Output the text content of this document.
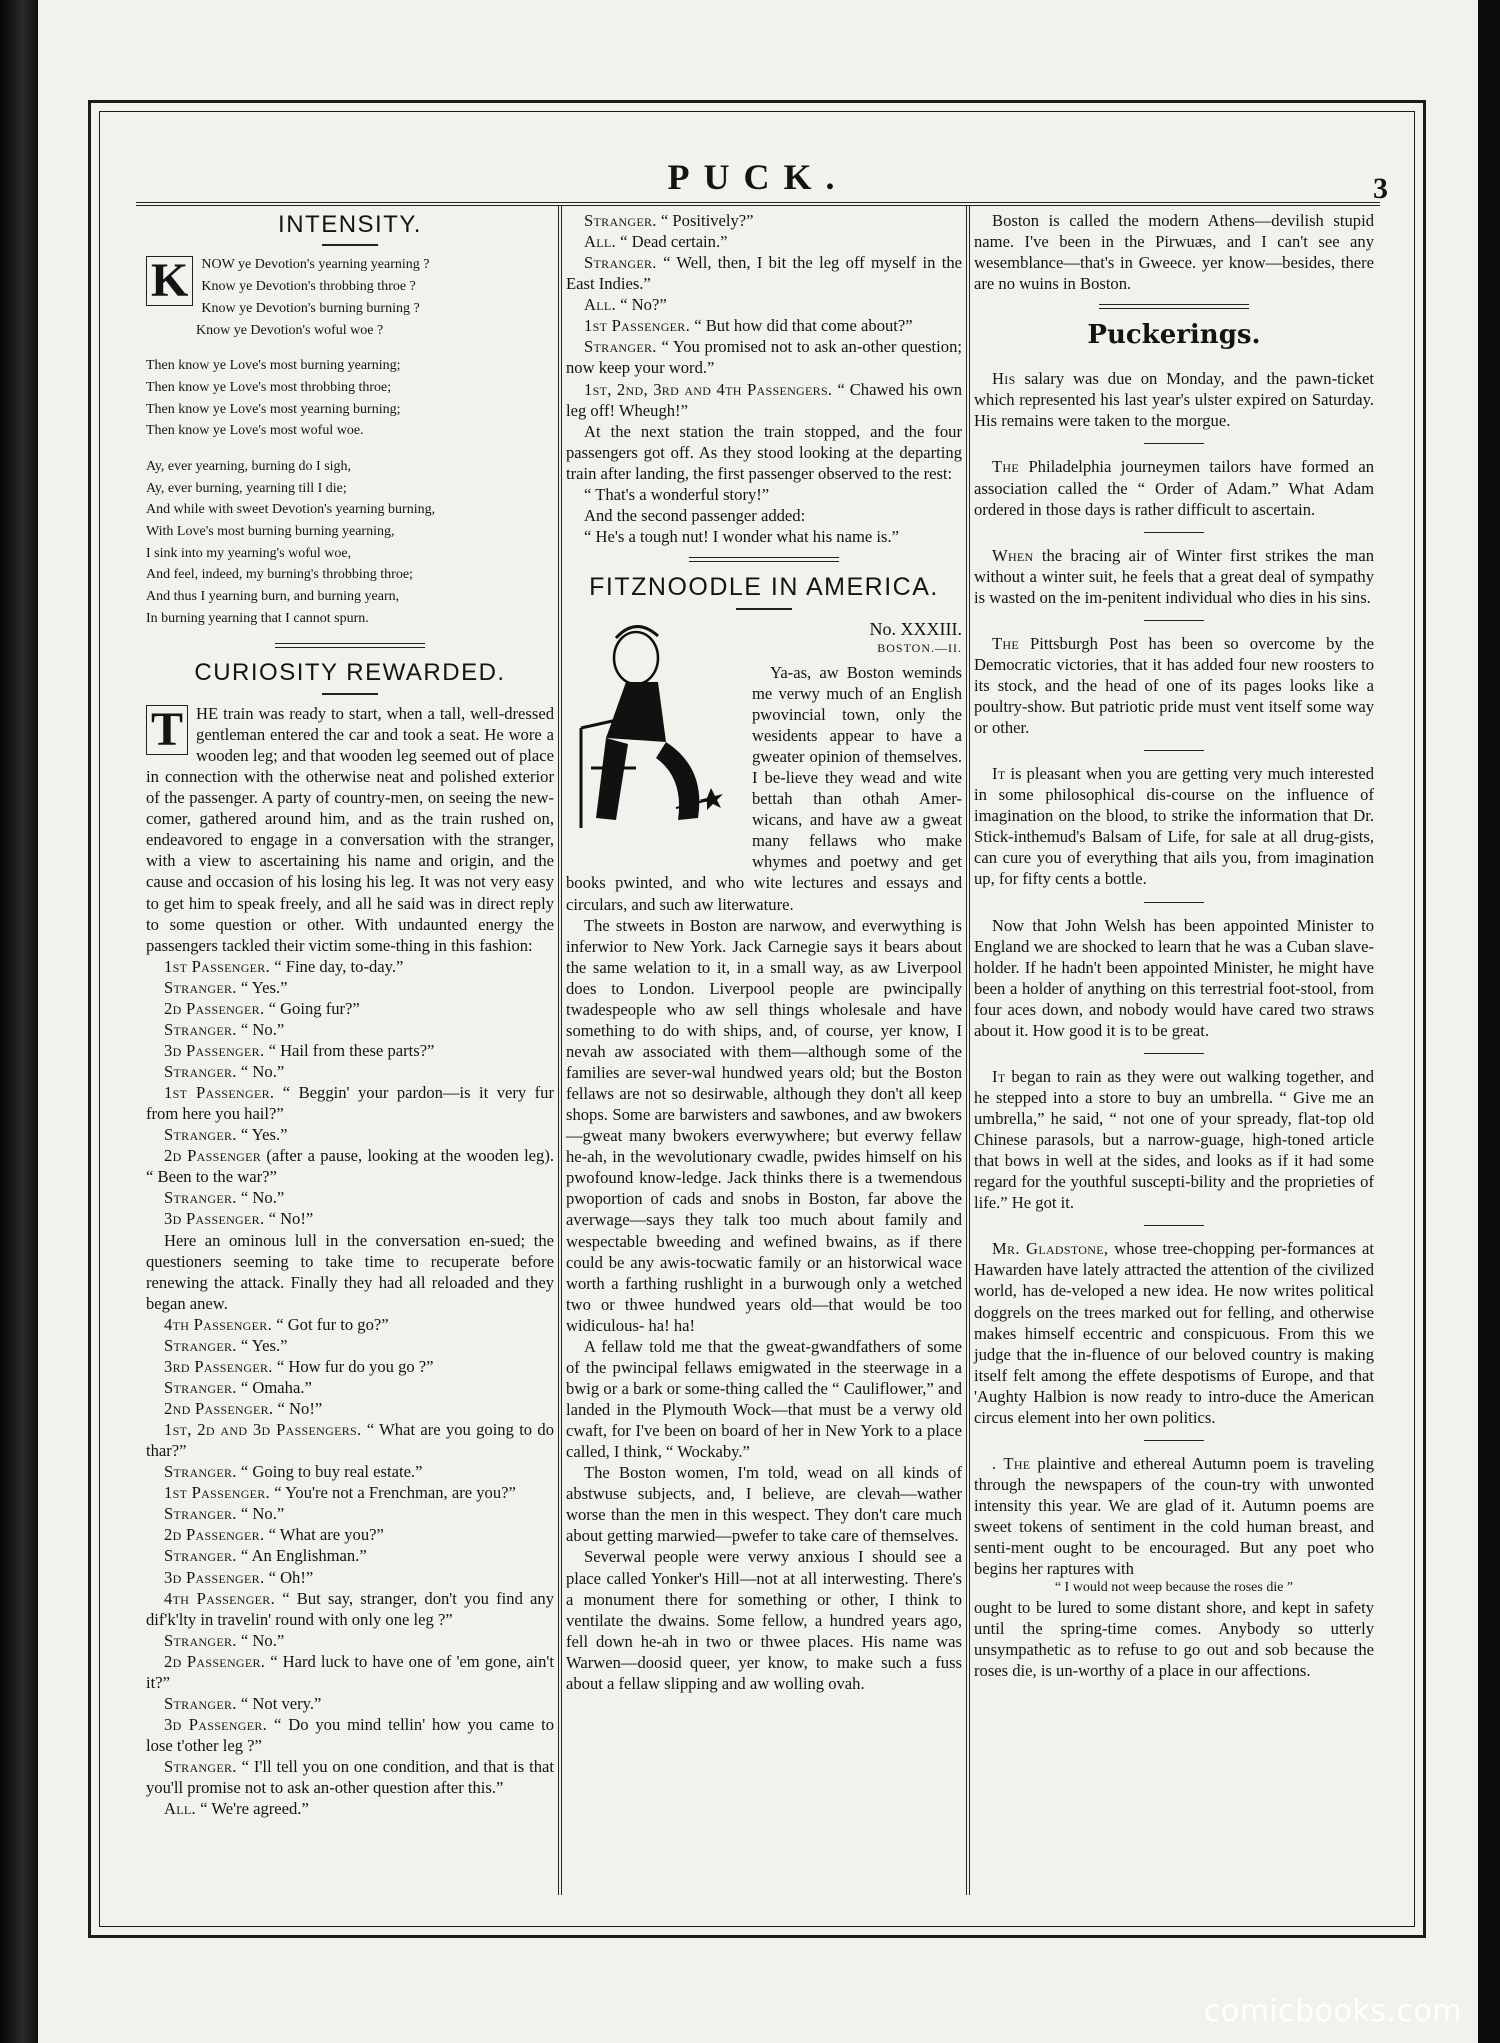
PUCK.	3
INTENSITY.
K NOW ye Devotion's yearning yearning ?
Know ye Devotion's throbbing throe ?
Know ye Devotion's burning burning ?
Know ye Devotion's woful woe ?
Then know ye Love's most burning yearning;
Then know ye Love's most throbbing throe;
Then know ye Love's most yearning burning;
Then know ye Love's most woful woe.
Ay, ever yearning, burning do I sigh,
Ay, ever burning, yearning till I die;
And while with sweet Devotion's yearning burning,
With Love's most burning burning yearning,
I sink into my yearning's woful woe,
And feel, indeed, my burning's throbbing throe;
And thus I yearning burn, and burning yearn,
In burning yearning that I cannot spurn.
CURIOSITY REWARDED.

T HE train was ready to start, when a tall, well-dressed gentleman entered the car and took a seat. He wore a wooden leg; and that wooden leg seemed out of place in connection with the otherwise neat and polished exterior of the passenger. A party of country-men, on seeing the new-comer, gathered around him, and as the train rushed on, endeavored to engage in a conversation with the stranger, with a view to ascertaining his name and origin, and the cause and occasion of his losing his leg. It was not very easy to get him to speak freely, and all he said was in direct reply to some question or other. With undaunted energy the passengers tackled their victim some-thing in this fashion:

1st Passenger. “ Fine day, to-day.”

Stranger. “ Yes.”

2d Passenger. “ Going fur?”

Stranger. “ No.”

3d Passenger. “ Hail from these parts?”

Stranger. “ No.”

1st Passenger. “ Beggin' your pardon—is it very fur from here you hail?”

Stranger. “ Yes.”

2d Passenger (after a pause, looking at the wooden leg). “ Been to the war?”

Stranger. “ No.”

3d Passenger. “ No!”

Here an ominous lull in the conversation en-sued; the questioners seeming to take time to recuperate before renewing the attack. Finally they had all reloaded and they began anew.

4th Passenger. “ Got fur to go?”

Stranger. “ Yes.”

3rd Passenger. “ How fur do you go ?”

Stranger. “ Omaha.”

2nd Passenger. “ No!”

1st, 2d and 3d Passengers. “ What are you going to do thar?”

Stranger. “ Going to buy real estate.”

1st Passenger. “ You're not a Frenchman, are you?”

Stranger. “ No.”

2d Passenger. “ What are you?”

Stranger. “ An Englishman.”

3d Passenger. “ Oh!”

4th Passenger. “ But say, stranger, don't you find any dif'k'lty in travelin' round with only one leg ?”

Stranger. “ No.”

2d Passenger. “ Hard luck to have one of 'em gone, ain't it?”

Stranger. “ Not very.”

3d Passenger. “ Do you mind tellin' how you came to lose t'other leg ?”

Stranger. “ I'll tell you on one condition, and that is that you'll promise not to ask an-other question after this.”

All. “ We're agreed.”

Stranger. “ Positively?”

All. “ Dead certain.”

Stranger. “ Well, then, I bit the leg off myself in the East Indies.”

All. “ No?”

1st Passenger. “ But how did that come about?”

Stranger. “ You promised not to ask an-other question; now keep your word.”

1st, 2nd, 3rd and 4th Passengers. “ Chawed his own leg off! Wheugh!”

At the next station the train stopped, and the four passengers got off. As they stood looking at the departing train after landing, the first passenger observed to the rest:

“ That's a wonderful story!”

And the second passenger added:

“ He's a tough nut! I wonder what his name is.”

FITZNOODLE IN AMERICA.
No. XXXIII.
BOSTON.—II.

Ya-as, aw Boston weminds me verwy much of an English pwovincial town, only the wesidents appear to have a gweater opinion of themselves. I be-lieve they wead and wite bettah than othah Amer-wicans, and have aw a gweat many fellaws who make whymes and poetwy and get books pwinted, and who wite lectures and essays and circulars, and such aw literwature.

The stweets in Boston are narwow, and everwything is inferwior to New York. Jack Carnegie says it bears about the same welation to it, in a small way, as aw Liverpool does to London. Liverpool people are pwincipally twadespeople who aw sell things wholesale and have something to do with ships, and, of course, yer know, I nevah aw associated with them—although some of the families are sever-wal hundwed years old; but the Boston fellaws are not so desirwable, although they don't all keep shops. Some are barwisters and sawbones, and aw bwokers—gweat many bwokers everwywhere; but everwy fellaw he-ah, in the wevolutionary cwadle, pwides himself on his pwofound know-ledge. Jack thinks there is a twemendous pwoportion of cads and snobs in Boston, far above the averwage—says they talk too much about family and wespectable bweeding and wefined bwains, as if there could be any awis-tocwatic family or an historwical wace worth a farthing rushlight in a burwough only a wetched two or thwee hundwed years old—that would be too widiculous- ha! ha!

A fellaw told me that the gweat-gwandfathers of some of the pwincipal fellaws emigwated in the steerwage in a bwig or a bark or some-thing called the “ Cauliflower,” and landed in the Plymouth Wock—that must be a verwy old cwaft, for I've been on board of her in New York to a place called, I think, “ Wockaby.”

The Boston women, I'm told, wead on all kinds of abstwuse subjects, and, I believe, are clevah—wather worse than the men in this wespect. They don't care much about getting marwied—pwefer to take care of themselves.

Severwal people were verwy anxious I should see a place called Yonker's Hill—not at all interwesting. There's a monument there for something or other, I think to ventilate the dwains. Some fellow, a hundred years ago, fell down he-ah in two or thwee places. His name was Warwen—doosid queer, yer know, to make such a fuss about a fellaw slipping and aw wolling ovah.

Boston is called the modern Athens—devilish stupid name. I've been in the Pirwuæs, and I can't see any wesemblance—that's in Gweece. yer know—besides, there are no wuins in Boston.

Puckerings.

His salary was due on Monday, and the pawn-ticket which represented his last year's ulster expired on Saturday. His remains were taken to the morgue.

The Philadelphia journeymen tailors have formed an association called the “ Order of Adam.” What Adam ordered in those days is rather difficult to ascertain.

When the bracing air of Winter first strikes the man without a winter suit, he feels that a great deal of sympathy is wasted on the im-penitent individual who dies in his sins.

The Pittsburgh Post has been so overcome by the Democratic victories, that it has added four new roosters to its stock, and the head of one of its pages looks like a poultry-show. But patriotic pride must vent itself some way or other.

It is pleasant when you are getting very much interested in some philosophical dis-course on the influence of imagination on the blood, to strike the information that Dr. Stick-inthemud's Balsam of Life, for sale at all drug-gists, can cure you of everything that ails you, from imagination up, for fifty cents a bottle.

Now that John Welsh has been appointed Minister to England we are shocked to learn that he was a Cuban slave-holder. If he hadn't been appointed Minister, he might have been a holder of anything on this terrestrial foot-stool, from four aces down, and nobody would have cared two straws about it. How good it is to be great.

It began to rain as they were out walking together, and he stepped into a store to buy an umbrella. “ Give me an umbrella,” he said, “ not one of your spready, flat-top old Chinese parasols, but a narrow-guage, high-toned article that bows in well at the sides, and looks as if it had some regard for the youthful suscepti-bility and the proprieties of life.” He got it.

Mr. Gladstone, whose tree-chopping per-formances at Hawarden have lately attracted the attention of the civilized world, has de-veloped a new idea. He now writes political doggrels on the trees marked out for felling, and otherwise makes himself eccentric and conspicuous. From this we judge that the in-fluence of our beloved country is making itself felt among the effete despotisms of Europe, and that 'Aughty Halbion is now ready to intro-duce the American circus element into her own politics.

. The plaintive and ethereal Autumn poem is traveling through the newspapers of the coun-try with unwonted intensity this year. We are glad of it. Autumn poems are sweet tokens of sentiment in the cold human breast, and senti-ment ought to be encouraged. But any poet who begins her raptures with

“ I would not weep because the roses die ”

ought to be lured to some distant shore, and kept in safety until the spring-time comes. Anybody so utterly unsympathetic as to refuse to go out and sob because the roses die, is un-worthy of a place in our affections.

comicbooks.com
